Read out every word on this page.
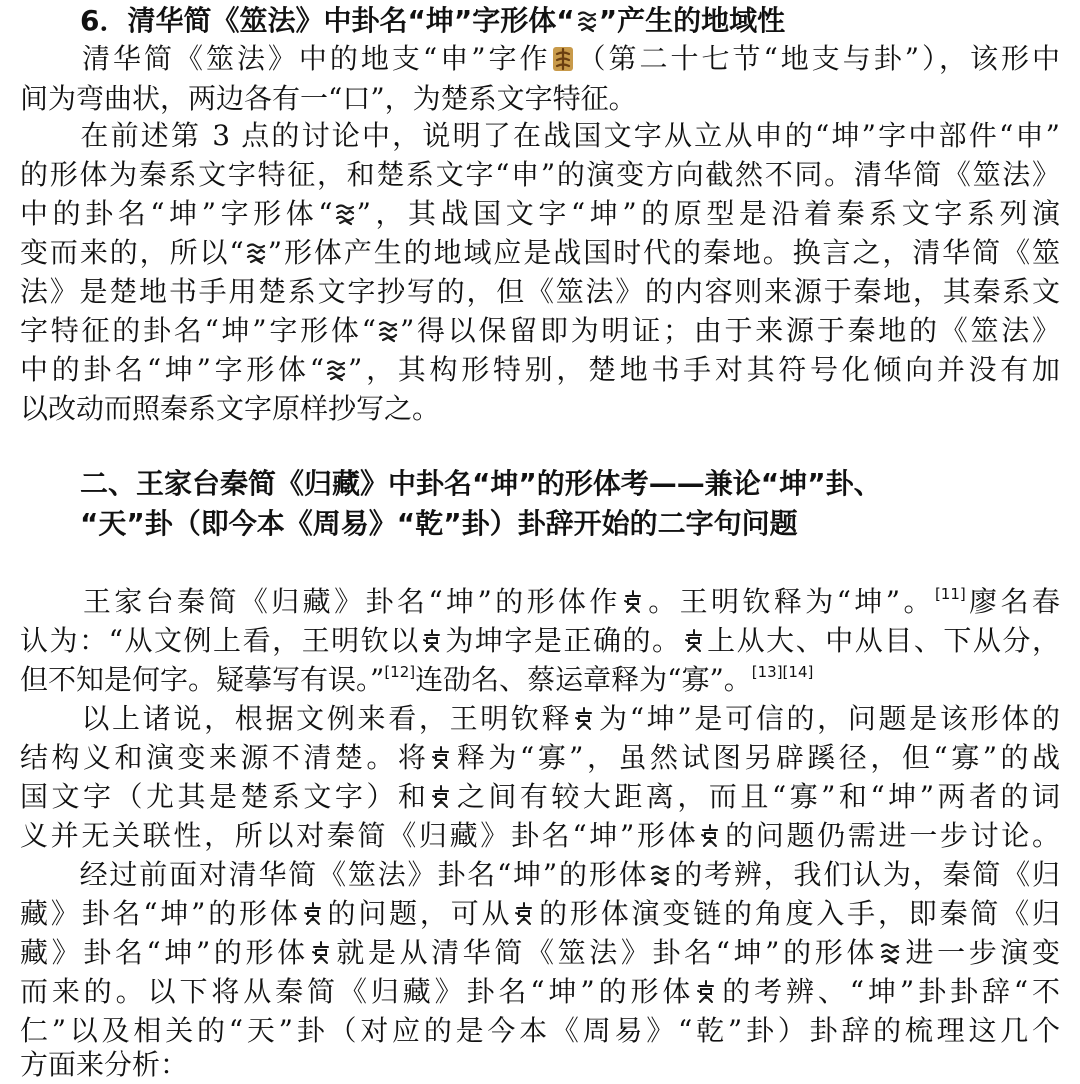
6．清华简《筮法》中卦名“坤”字形体“ ”产生的地域性
　　清华简《筮法》中的地支“申”字作 （第二十七节“地支与卦”），该形中
间为弯曲状，两边各有一“口”，为楚系文字特征。
　　在前述第 3 点的讨论中，说明了在战国文字从立从申的“坤”字中部件“申”
的形体为秦系文字特征，和楚系文字“申”的演变方向截然不同。清华简《筮法》
中的卦名“坤”字形体“ ”，其战国文字“坤”的原型是沿着秦系文字系列演
变而来的，所以“ ”形体产生的地域应是战国时代的秦地。换言之，清华简《筮
法》是楚地书手用楚系文字抄写的，但《筮法》的内容则来源于秦地，其秦系文
字特征的卦名“坤”字形体“ ”得以保留即为明证；由于来源于秦地的《筮法》
中的卦名“坤”字形体“ ”，其构形特别，楚地书手对其符号化倾向并没有加
以改动而照秦系文字原样抄写之。
二、王家台秦简《归藏》中卦名“坤”的形体考——兼论“坤”卦、
“天”卦（即今本《周易》“乾”卦）卦辞开始的二字句问题
　　王家台秦简《归藏》卦名“坤”的形体作 。王明钦释为“坤”。[11]廖名春
认为：“从文例上看，王明钦以 为坤字是正确的。 上从大、中从目、下从分，
但不知是何字。疑摹写有误。”[12]连劭名、蔡运章释为“寡”。[13][14]
　　以上诸说，根据文例来看，王明钦释 为“坤”是可信的，问题是该形体的
结构义和演变来源不清楚。将 释为“寡”，虽然试图另辟蹊径，但“寡”的战
国文字（尤其是楚系文字）和 之间有较大距离，而且“寡”和“坤”两者的词
义并无关联性，所以对秦简《归藏》卦名“坤”形体 的问题仍需进一步讨论。
　　经过前面对清华简《筮法》卦名“坤”的形体 的考辨，我们认为，秦简《归
藏》卦名“坤”的形体 的问题，可从 的形体演变链的角度入手，即秦简《归
藏》卦名“坤”的形体 就是从清华简《筮法》卦名“坤”的形体 进一步演变
而来的。以下将从秦简《归藏》卦名“坤”的形体 的考辨、“坤”卦卦辞“不
仁”以及相关的“天”卦（对应的是今本《周易》“乾”卦）卦辞的梳理这几个
方面来分析：
